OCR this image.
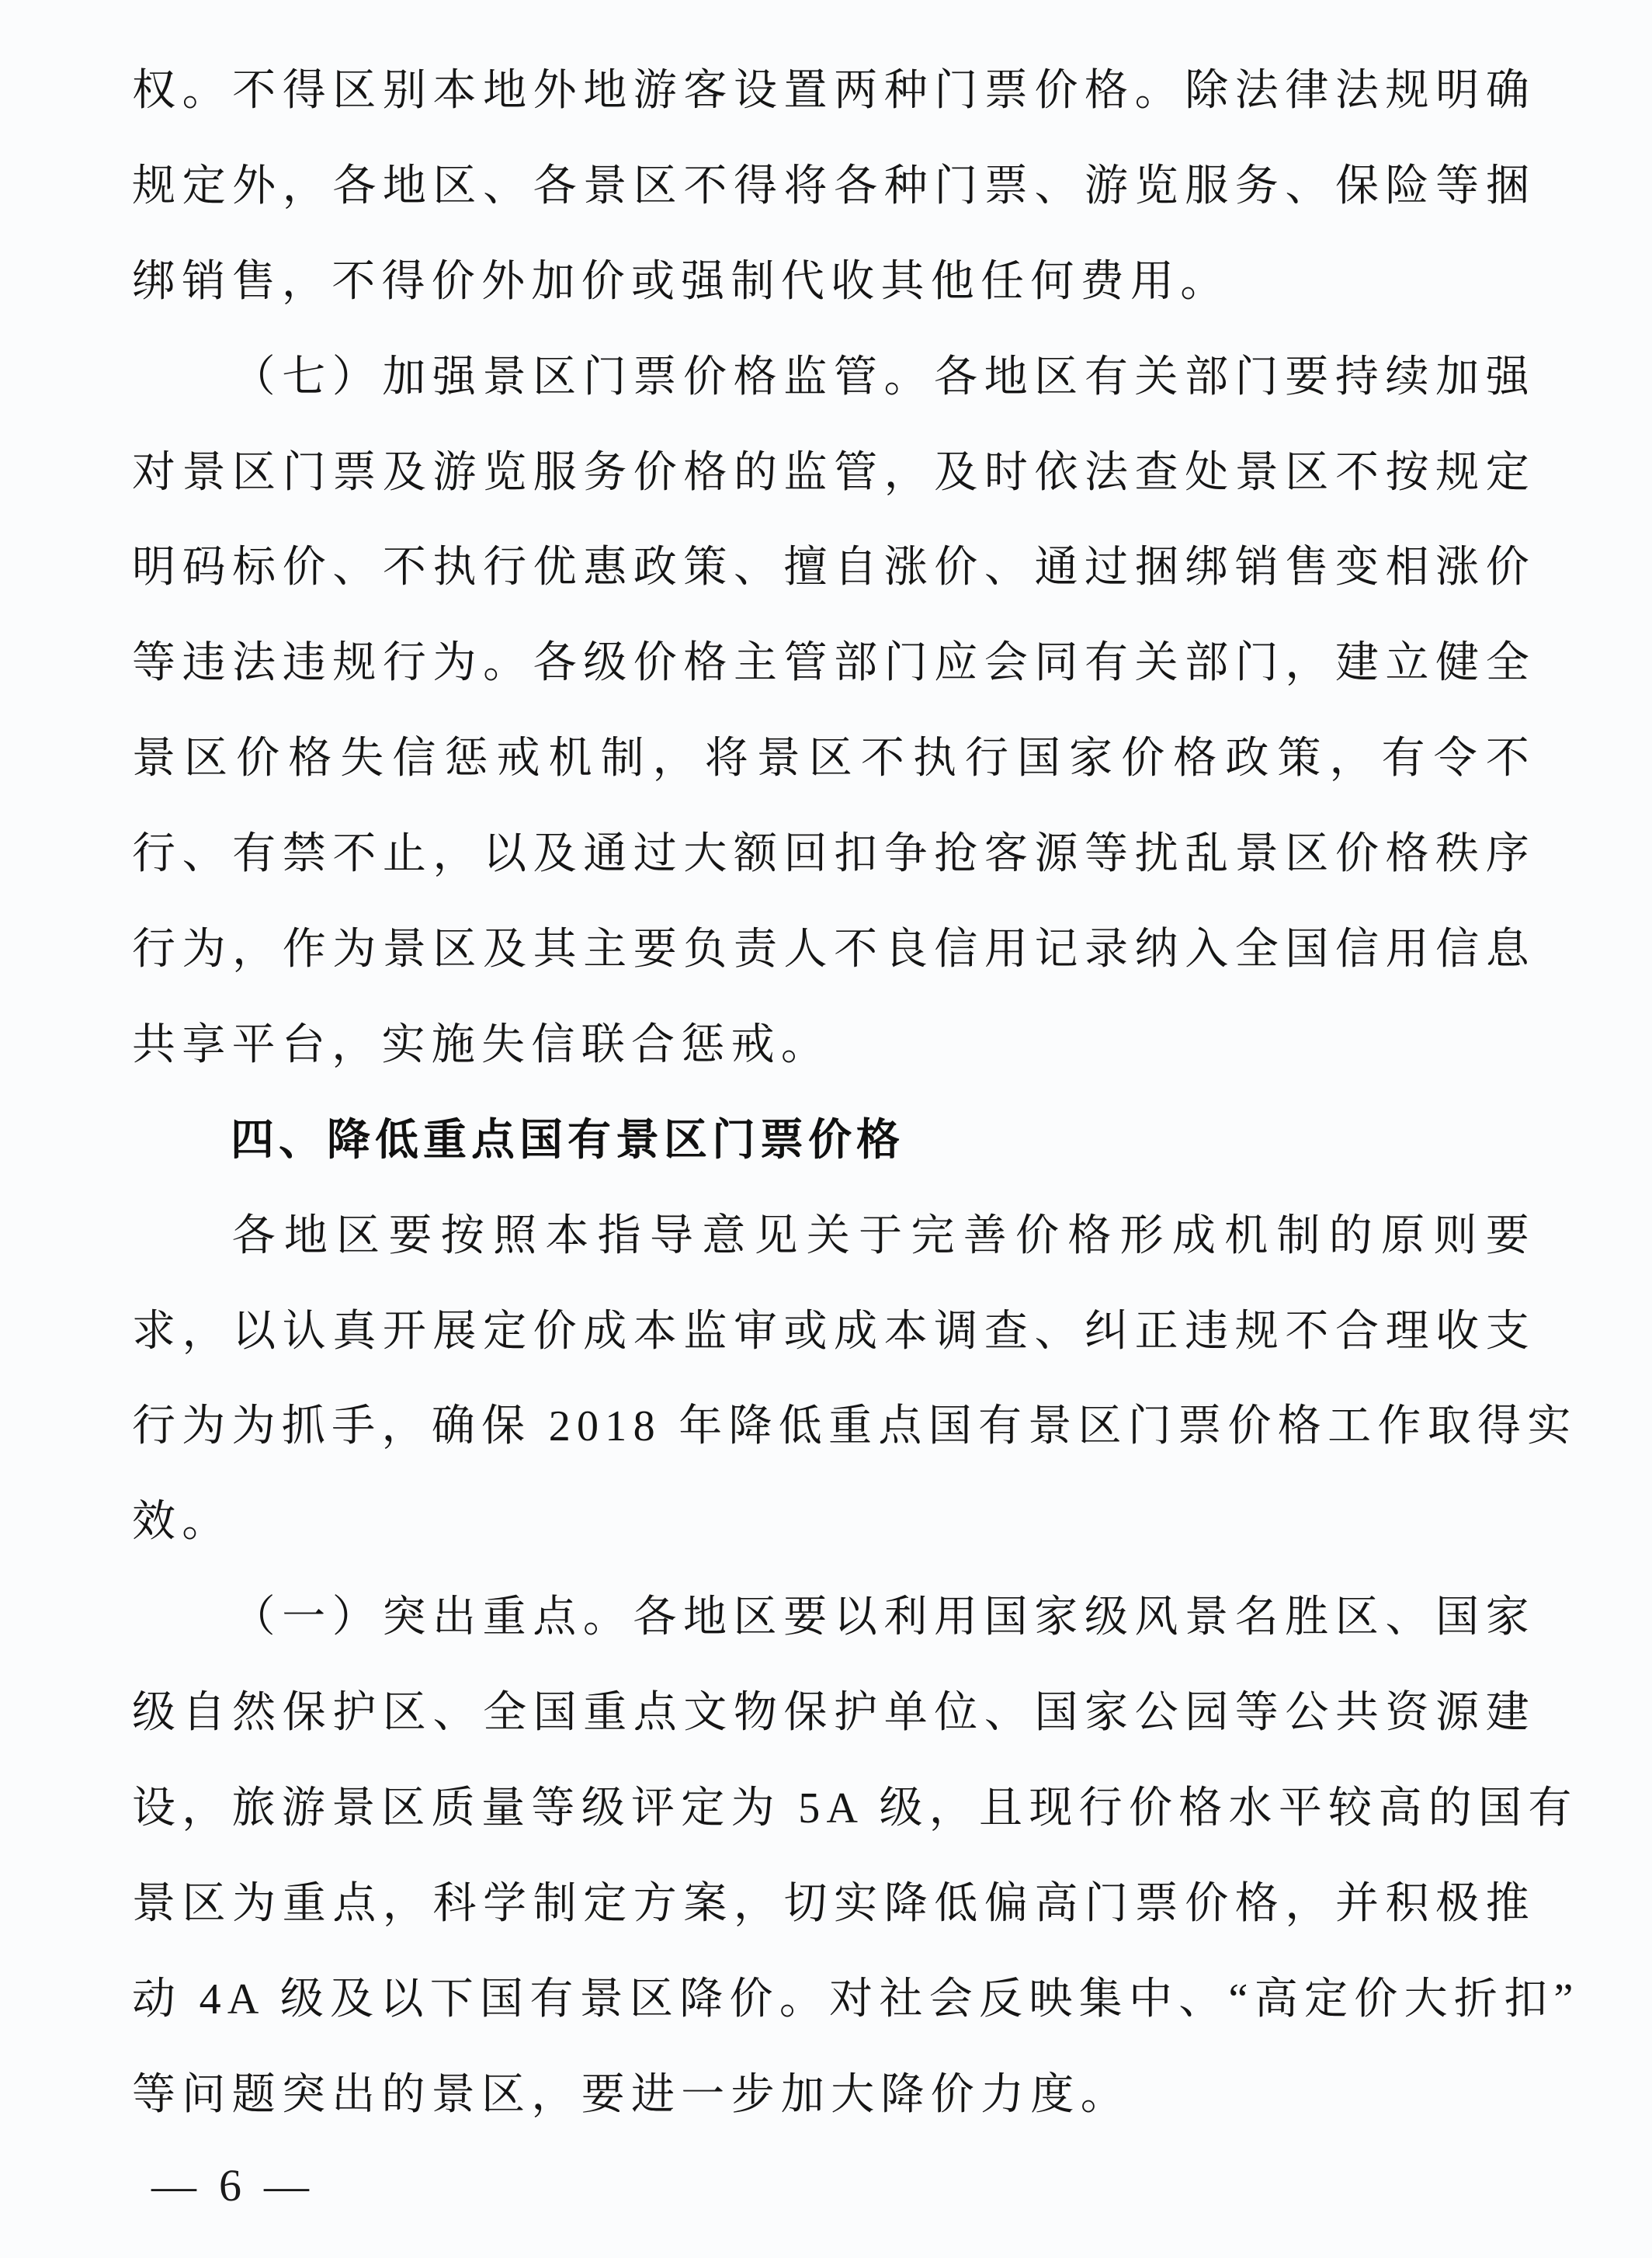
权。不得区别本地外地游客设置两种门票价格。除法律法规明确
规定外，各地区、各景区不得将各种门票、游览服务、保险等捆
绑销售，不得价外加价或强制代收其他任何费用。
（七）加强景区门票价格监管。各地区有关部门要持续加强
对景区门票及游览服务价格的监管，及时依法查处景区不按规定
明码标价、不执行优惠政策、擅自涨价、通过捆绑销售变相涨价
等违法违规行为。各级价格主管部门应会同有关部门，建立健全
景区价格失信惩戒机制，将景区不执行国家价格政策，有令不
行、有禁不止，以及通过大额回扣争抢客源等扰乱景区价格秩序
行为，作为景区及其主要负责人不良信用记录纳入全国信用信息
共享平台，实施失信联合惩戒。
四、降低重点国有景区门票价格
各地区要按照本指导意见关于完善价格形成机制的原则要
求，以认真开展定价成本监审或成本调查、纠正违规不合理收支
行为为抓手，确保 2018 年降低重点国有景区门票价格工作取得实
效。
（一）突出重点。各地区要以利用国家级风景名胜区、国家
级自然保护区、全国重点文物保护单位、国家公园等公共资源建
设，旅游景区质量等级评定为 5A 级，且现行价格水平较高的国有
景区为重点，科学制定方案，切实降低偏高门票价格，并积极推
动 4A 级及以下国有景区降价。对社会反映集中、“高定价大折扣”
等问题突出的景区，要进一步加大降价力度。
— 6 —
